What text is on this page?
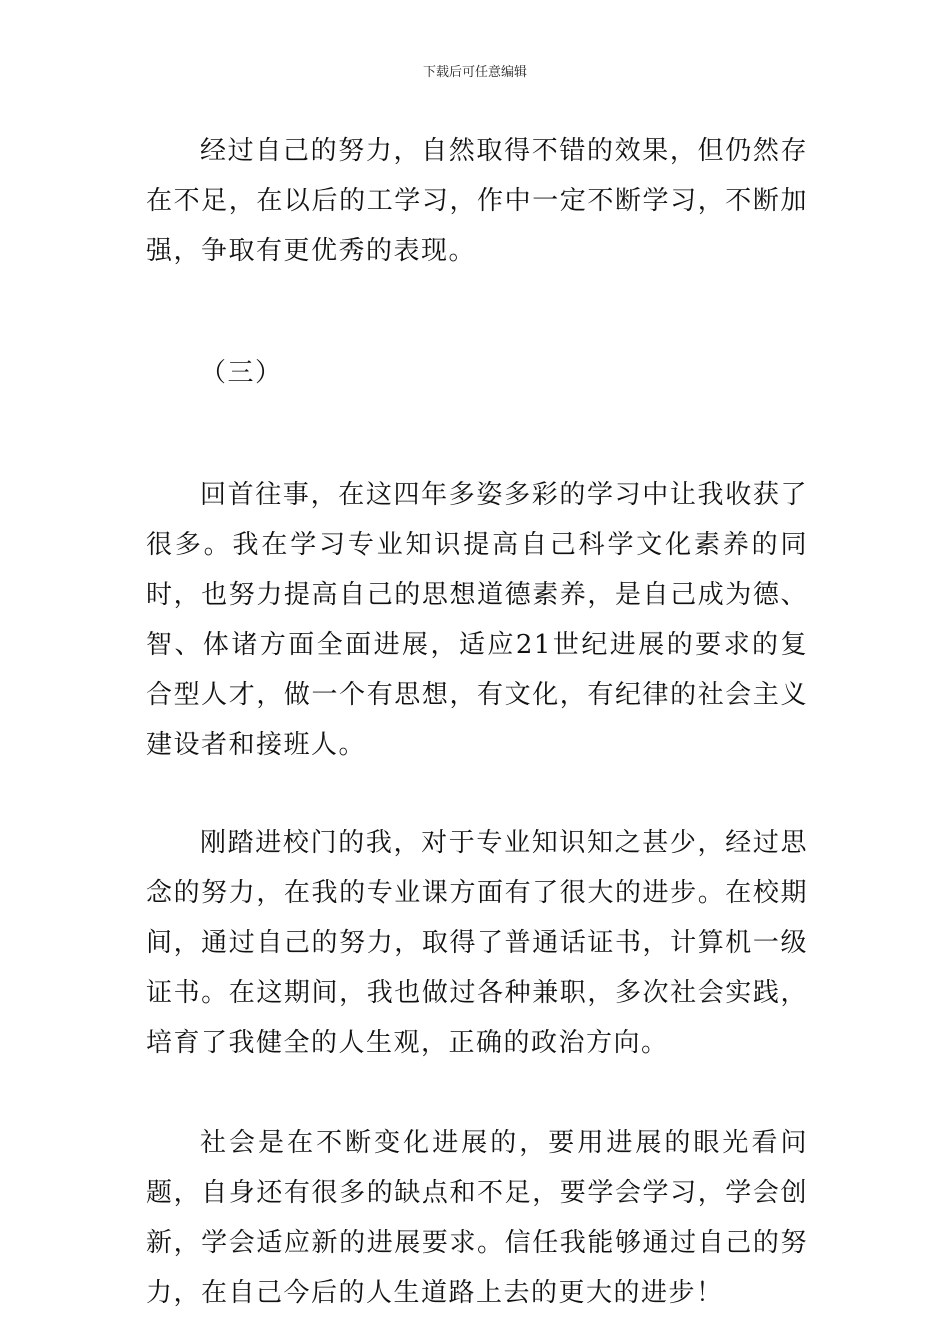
下载后可任意编辑

经过自己的努力，自然取得不错的效果，但仍然存在不足，在以后的工学习，作中一定不断学习，不断加强，争取有更优秀的表现。

（三）

回首往事，在这四年多姿多彩的学习中让我收获了很多。我在学习专业知识提高自己科学文化素养的同时，也努力提高自己的思想道德素养，是自己成为德、智、体诸方面全面进展，适应21世纪进展的要求的复合型人才，做一个有思想，有文化，有纪律的社会主义建设者和接班人。

刚踏进校门的我，对于专业知识知之甚少，经过思念的努力，在我的专业课方面有了很大的进步。在校期间，通过自己的努力，取得了普通话证书，计算机一级证书。在这期间，我也做过各种兼职，多次社会实践，培育了我健全的人生观，正确的政治方向。

社会是在不断变化进展的，要用进展的眼光看问题，自身还有很多的缺点和不足，要学会学习，学会创新，学会适应新的进展要求。信任我能够通过自己的努力，在自己今后的人生道路上去的更大的进步！
